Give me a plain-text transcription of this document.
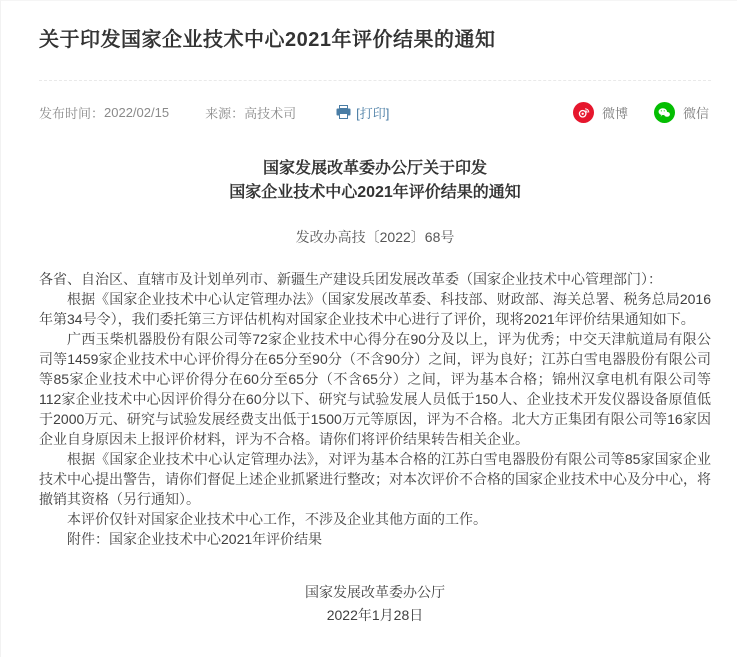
关于印发国家企业技术中心2021年评价结果的通知
发布时间： 2022/02/15	来源： 高技术司	[打印]	微博	微信
国家发展改革委办公厅关于印发
国家企业技术中心2021年评价结果的通知
发改办高技〔2022〕68号

各省、自治区、直辖市及计划单列市、新疆生产建设兵团发展改革委（国家企业技术中心管理部门）：

根据《国家企业技术中心认定管理办法》（国家发展改革委、科技部、财政部、海关总署、税务总局2016年第34号令），我们委托第三方评估机构对国家企业技术中心进行了评价，现将2021年评价结果通知如下。

广西玉柴机器股份有限公司等72家企业技术中心得分在90分及以上，评为优秀；中交天津航道局有限公司等1459家企业技术中心评价得分在65分至90分（不含90分）之间，评为良好；江苏白雪电器股份有限公司等85家企业技术中心评价得分在60分至65分（不含65分）之间，评为基本合格；锦州汉拿电机有限公司等112家企业技术中心因评价得分在60分以下、研究与试验发展人员低于150人、企业技术开发仪器设备原值低于2000万元、研究与试验发展经费支出低于1500万元等原因，评为不合格。北大方正集团有限公司等16家因企业自身原因未上报评价材料，评为不合格。请你们将评价结果转告相关企业。

根据《国家企业技术中心认定管理办法》，对评为基本合格的江苏白雪电器股份有限公司等85家国家企业技术中心提出警告，请你们督促上述企业抓紧进行整改；对本次评价不合格的国家企业技术中心及分中心，将撤销其资格（另行通知）。

本评价仅针对国家企业技术中心工作，不涉及企业其他方面的工作。

附件：国家企业技术中心2021年评价结果

国家发展改革委办公厅
2022年1月28日
